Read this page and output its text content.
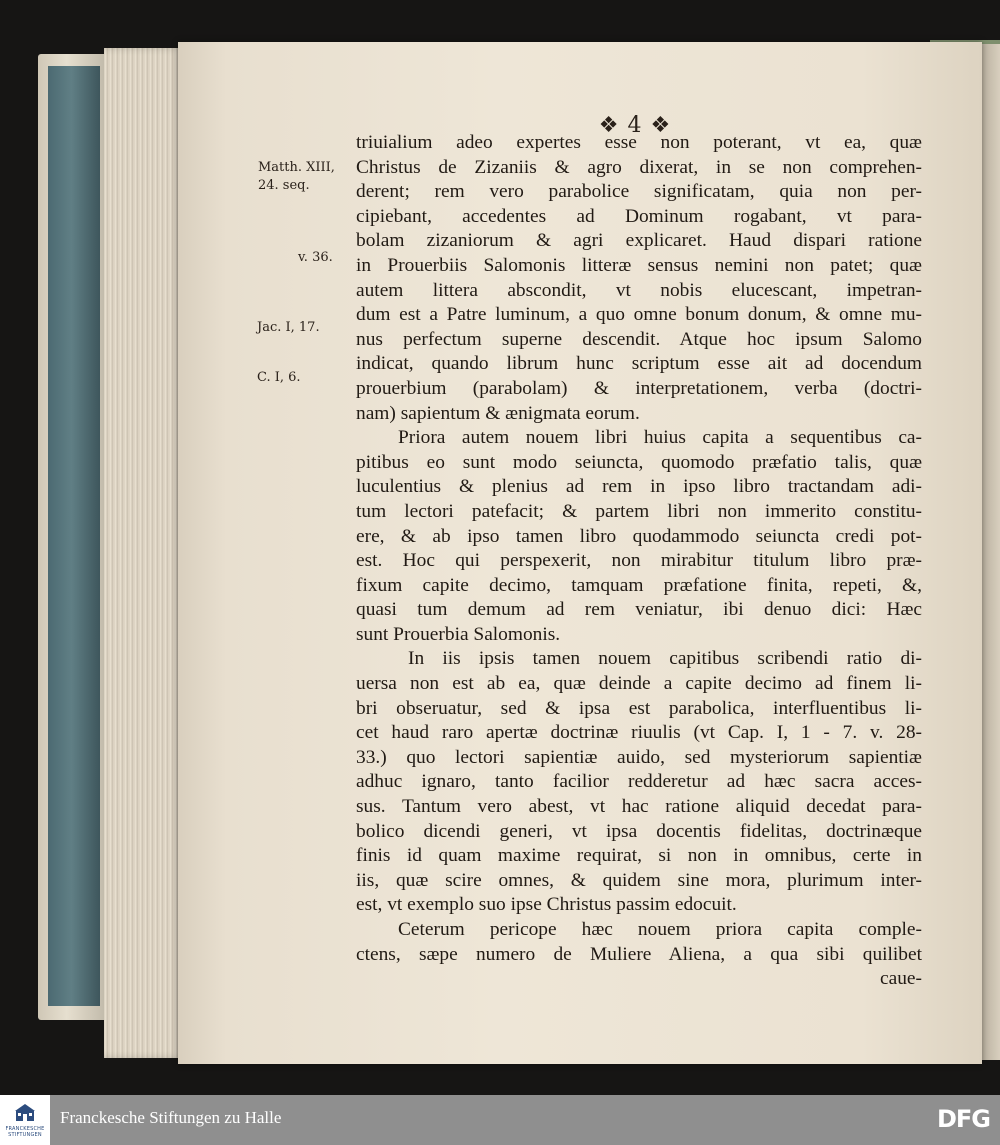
❖ 4 ❖
Matth. XIII,
24. seq.
v. 36.
Jac. I, 17.
C. I, 6.
triuialium adeo expertes esse non poterant, vt ea, quæ
Christus de Zizaniis & agro dixerat, in se non comprehen-
derent; rem vero parabolice significatam, quia non per-
cipiebant, accedentes ad Dominum rogabant, vt para-
bolam zizaniorum & agri explicaret. Haud dispari ratione
in Prouerbiis Salomonis litteræ sensus nemini non patet; quæ
autem littera abscondit, vt nobis elucescant, impetran-
dum est a Patre luminum, a quo omne bonum donum, & omne mu-
nus perfectum superne descendit. Atque hoc ipsum Salomo
indicat, quando librum hunc scriptum esse ait ad docendum
prouerbium (parabolam) & interpretationem, verba (doctri-
nam) sapientum & ænigmata eorum.
Priora autem nouem libri huius capita a sequentibus ca-
pitibus eo sunt modo seiuncta, quomodo præfatio talis, quæ
luculentius & plenius ad rem in ipso libro tractandam adi-
tum lectori patefacit; & partem libri non immerito constitu-
ere, & ab ipso tamen libro quodammodo seiuncta credi pot-
est. Hoc qui perspexerit, non mirabitur titulum libro præ-
fixum capite decimo, tamquam præfatione finita, repeti, &,
quasi tum demum ad rem veniatur, ibi denuo dici: Hæc
sunt Prouerbia Salomonis.
In iis ipsis tamen nouem capitibus scribendi ratio di-
uersa non est ab ea, quæ deinde a capite decimo ad finem li-
bri obseruatur, sed & ipsa est parabolica, interfluentibus li-
cet haud raro apertæ doctrinæ riuulis (vt Cap. I, 1 - 7. v. 28-
33.) quo lectori sapientiæ auido, sed mysteriorum sapientiæ
adhuc ignaro, tanto facilior redderetur ad hæc sacra acces-
sus. Tantum vero abest, vt hac ratione aliquid decedat para-
bolico dicendi generi, vt ipsa docentis fidelitas, doctrinæque
finis id quam maxime requirat, si non in omnibus, certe in
iis, quæ scire omnes, & quidem sine mora, plurimum inter-
est, vt exemplo suo ipse Christus passim edocuit.
Ceterum pericope hæc nouem priora capita comple-
ctens, sæpe numero de Muliere Aliena, a qua sibi quilibet
caue-
FRANCKESCHE STIFTUNGEN
Franckesche Stiftungen zu Halle	DFG
